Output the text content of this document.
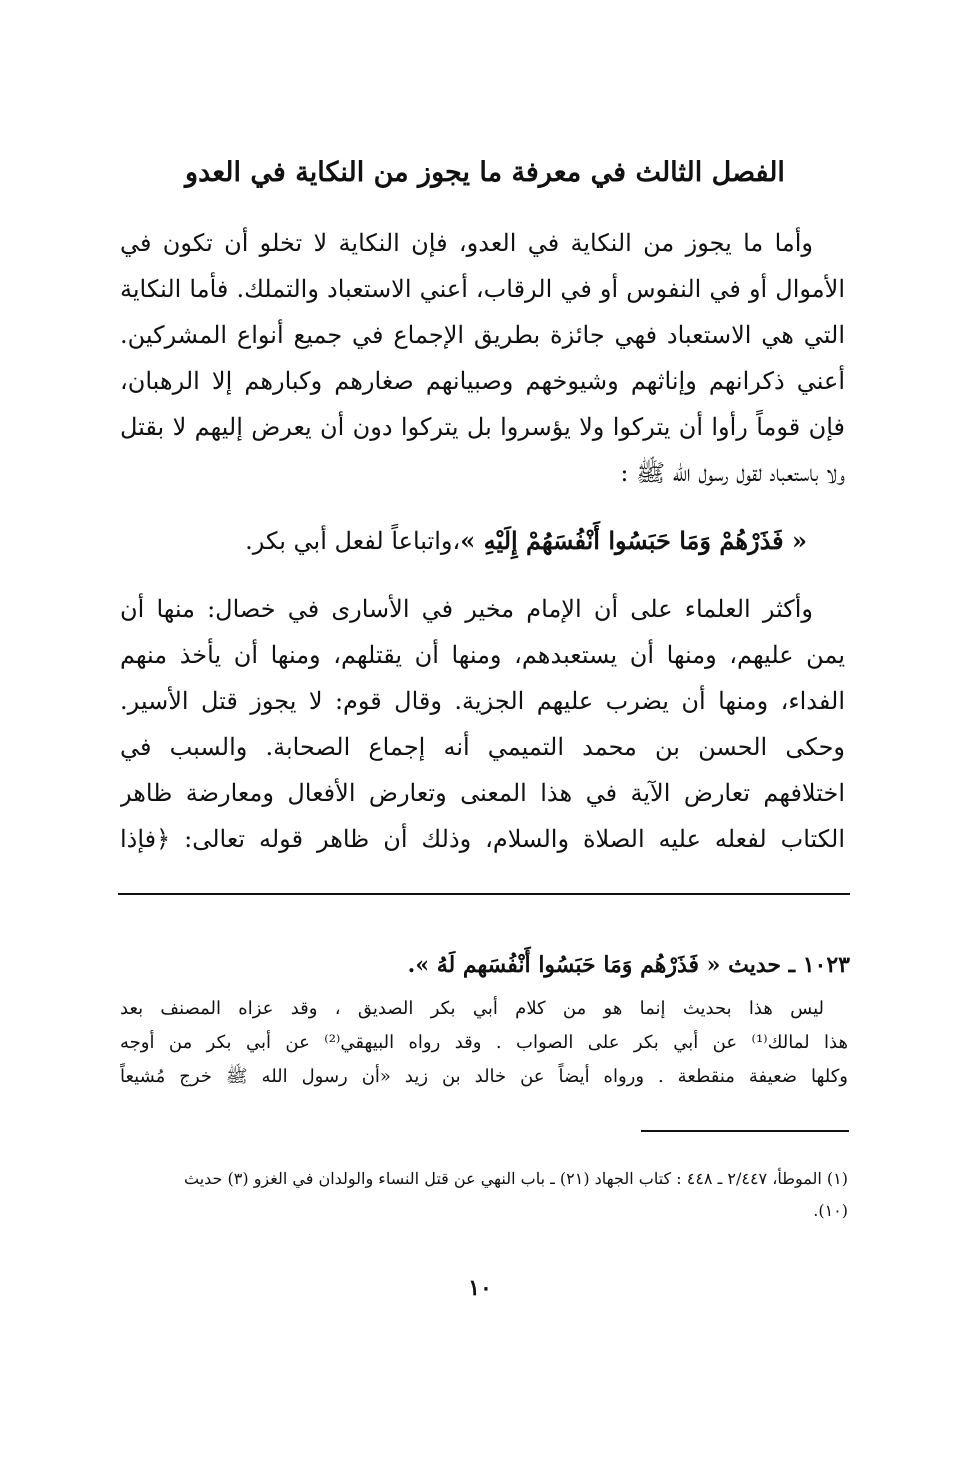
الفصل الثالث في معرفة ما يجوز من النكاية في العدو
وأما ما يجوز من النكاية في العدو، فإن النكاية لا تخلو أن تكون في
الأموال أو في النفوس أو في الرقاب، أعني الاستعباد والتملك. فأما النكاية
التي هي الاستعباد فهي جائزة بطريق الإجماع في جميع أنواع المشركين.
أعني ذكرانهم وإناثهم وشيوخهم وصبيانهم صغارهم وكبارهم إلا الرهبان،
فإن قوماً رأوا أن يتركوا ولا يؤسروا بل يتركوا دون أن يعرض إليهم لا بقتل
ولا باستعباد لقول رسول الله ﷺ :
« فَذَرْهُمْ وَمَا حَبَسُوا أَنْفُسَهُمْ إِلَيْهِ »،واتباعاً لفعل أبي بكر.
وأكثر العلماء على أن الإمام مخير في الأسارى في خصال: منها أن
يمن عليهم، ومنها أن يستعبدهم، ومنها أن يقتلهم، ومنها أن يأخذ منهم
الفداء، ومنها أن يضرب عليهم الجزية. وقال قوم: لا يجوز قتل الأسير.
وحكى الحسن بن محمد التميمي أنه إجماع الصحابة. والسبب في
اختلافهم تعارض الآية في هذا المعنى وتعارض الأفعال ومعارضة ظاهر
الكتاب لفعله عليه الصلاة والسلام، وذلك أن ظاهر قوله تعالى: ﴿فإذا
١٠٢٣ ـ حديث « فَذَرْهُم وَمَا حَبَسُوا أَنْفُسَهم لَهُ ».
ليس هذا بحديث إنما هو من كلام أبي بكر الصديق ، وقد عزاه المصنف بعد
هذا لمالك⁽¹⁾ عن أبي بكر على الصواب . وقد رواه البيهقي⁽²⁾ عن أبي بكر من أوجه
وكلها ضعيفة منقطعة . ورواه أيضاً عن خالد بن زيد «أن رسول الله ﷺ خرج مُشيعاً
(١) الموطأ، ٢/٤٤٧ ـ ٤٤٨ : كتاب الجهاد (٢١) ـ باب النهي عن قتل النساء والولدان في الغزو (٣) حديث
(١٠).
١٠
